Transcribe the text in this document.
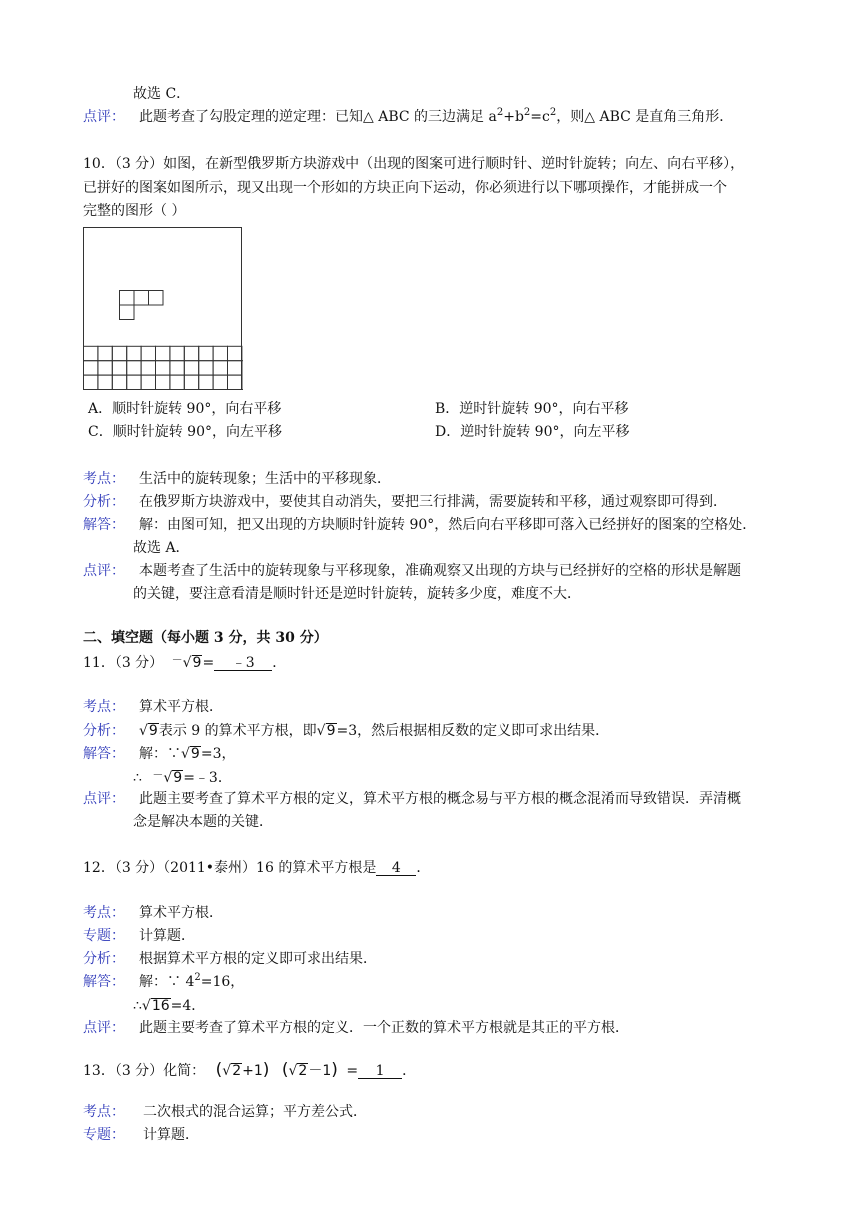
故选 C．
点评： 此题考查了勾股定理的逆定理：已知△ ABC 的三边满足 $a^2+b^2=c^2$，则△ ABC 是直角三角形．
10．（3 分）如图，在新型俄罗斯方块游戏中（出现的图案可进行顺时针、逆时针旋转；向左、向右平移），
已拼好的图案如图所示，现又出现一个形如的方块正向下运动，你必须进行以下哪项操作，才能拼成一个
完整的图形（ ）
A．顺时针旋转 90°，向右平移	B．逆时针旋转 90°，向右平移
C．顺时针旋转 90°，向左平移	D．逆时针旋转 90°，向左平移
考点： 生活中的旋转现象；生活中的平移现象．
分析： 在俄罗斯方块游戏中，要使其自动消失，要把三行排满，需要旋转和平移，通过观察即可得到．
解答： 解：由图可知，把又出现的方块顺时针旋转 90°，然后向右平移即可落入已经拼好的图案的空格处．
故选 A．
点评： 本题考查了生活中的旋转现象与平移现象，准确观察又出现的方块与已经拼好的空格的形状是解题
的关键，要注意看清是顺时针还是逆时针旋转，旋转多少度，难度不大．
二、填空题（每小题 3 分，共 30 分）
11．（3 分） －√9= ﹣3 ．
考点： 算术平方根．
分析： √9表示 9 的算术平方根，即√9=3，然后根据相反数的定义即可求出结果．
解答： 解：∵√9=3，
∴ －√9=﹣3．
点评： 此题主要考查了算术平方根的定义，算术平方根的概念易与平方根的概念混淆而导致错误．弄清概
念是解决本题的关键．
12．（3 分）（2011•泰州）16 的算术平方根是 4 ．
考点： 算术平方根．
专题： 计算题．
分析： 根据算术平方根的定义即可求出结果．
解答： 解：∵ $4^2=16$，
∴√16=4．
点评： 此题主要考查了算术平方根的定义．一个正数的算术平方根就是其正的平方根．
13．（3 分）化简： (√2+1) (√2－1) = 1 ．
考点： 二次根式的混合运算；平方差公式．
专题： 计算题．
